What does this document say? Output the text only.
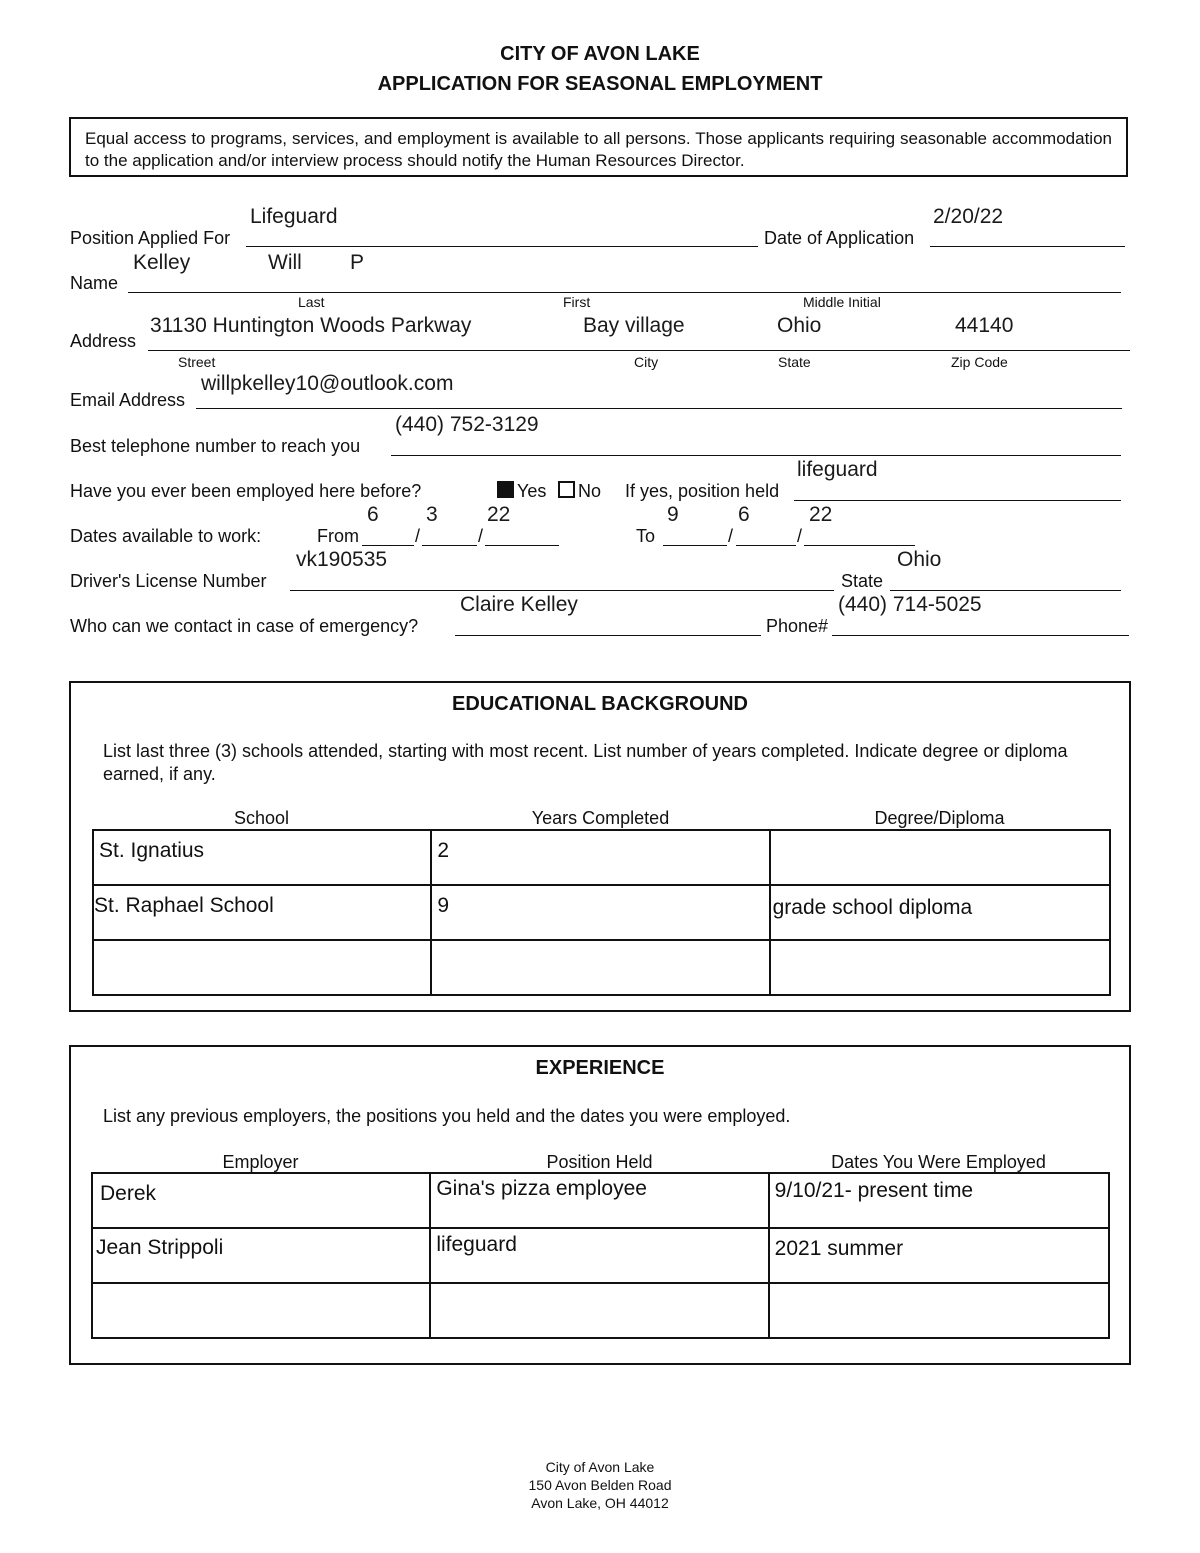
CITY OF AVON LAKE
APPLICATION FOR SEASONAL EMPLOYMENT
Equal access to programs, services, and employment is available to all persons. Those applicants requiring seasonable accommodation to the application and/or interview process should notify the Human Resources Director.
Position Applied For
Lifeguard
Date of Application
2/20/22
Name
Kelley	Will P
Last	First	Middle Initial
Address
31130 Huntington Woods Parkway	Bay village	Ohio	44140
Street	City	State	Zip Code
Email Address
willpkelley10@outlook.com
Best telephone number to reach you
(440) 752-3129
Have you ever been employed here before?	Yes No If yes, position held
lifeguard
Dates available to work:	From	/	/
6 3 22
To	/	/
9	6	22
Driver's License Number
vk190535
State
Ohio
Who can we contact in case of emergency?
Claire Kelley
Phone#
(440) 714-5025
EDUCATIONAL BACKGROUND
List last three (3) schools attended, starting with most recent. List number of years completed. Indicate degree or diploma earned, if any.
School	Years Completed	Degree/Diploma
St. Ignatius	2	

St. Raphael School	9	grade school diploma

EXPERIENCE
List any previous employers, the positions you held and the dates you were employed.
Employer	Position Held	Dates You Were Employed
Derek	Gina's pizza employee	9/10/21- present time

Jean Strippoli	lifeguard	2021 summer

City of Avon Lake
150 Avon Belden Road
Avon Lake, OH 44012
